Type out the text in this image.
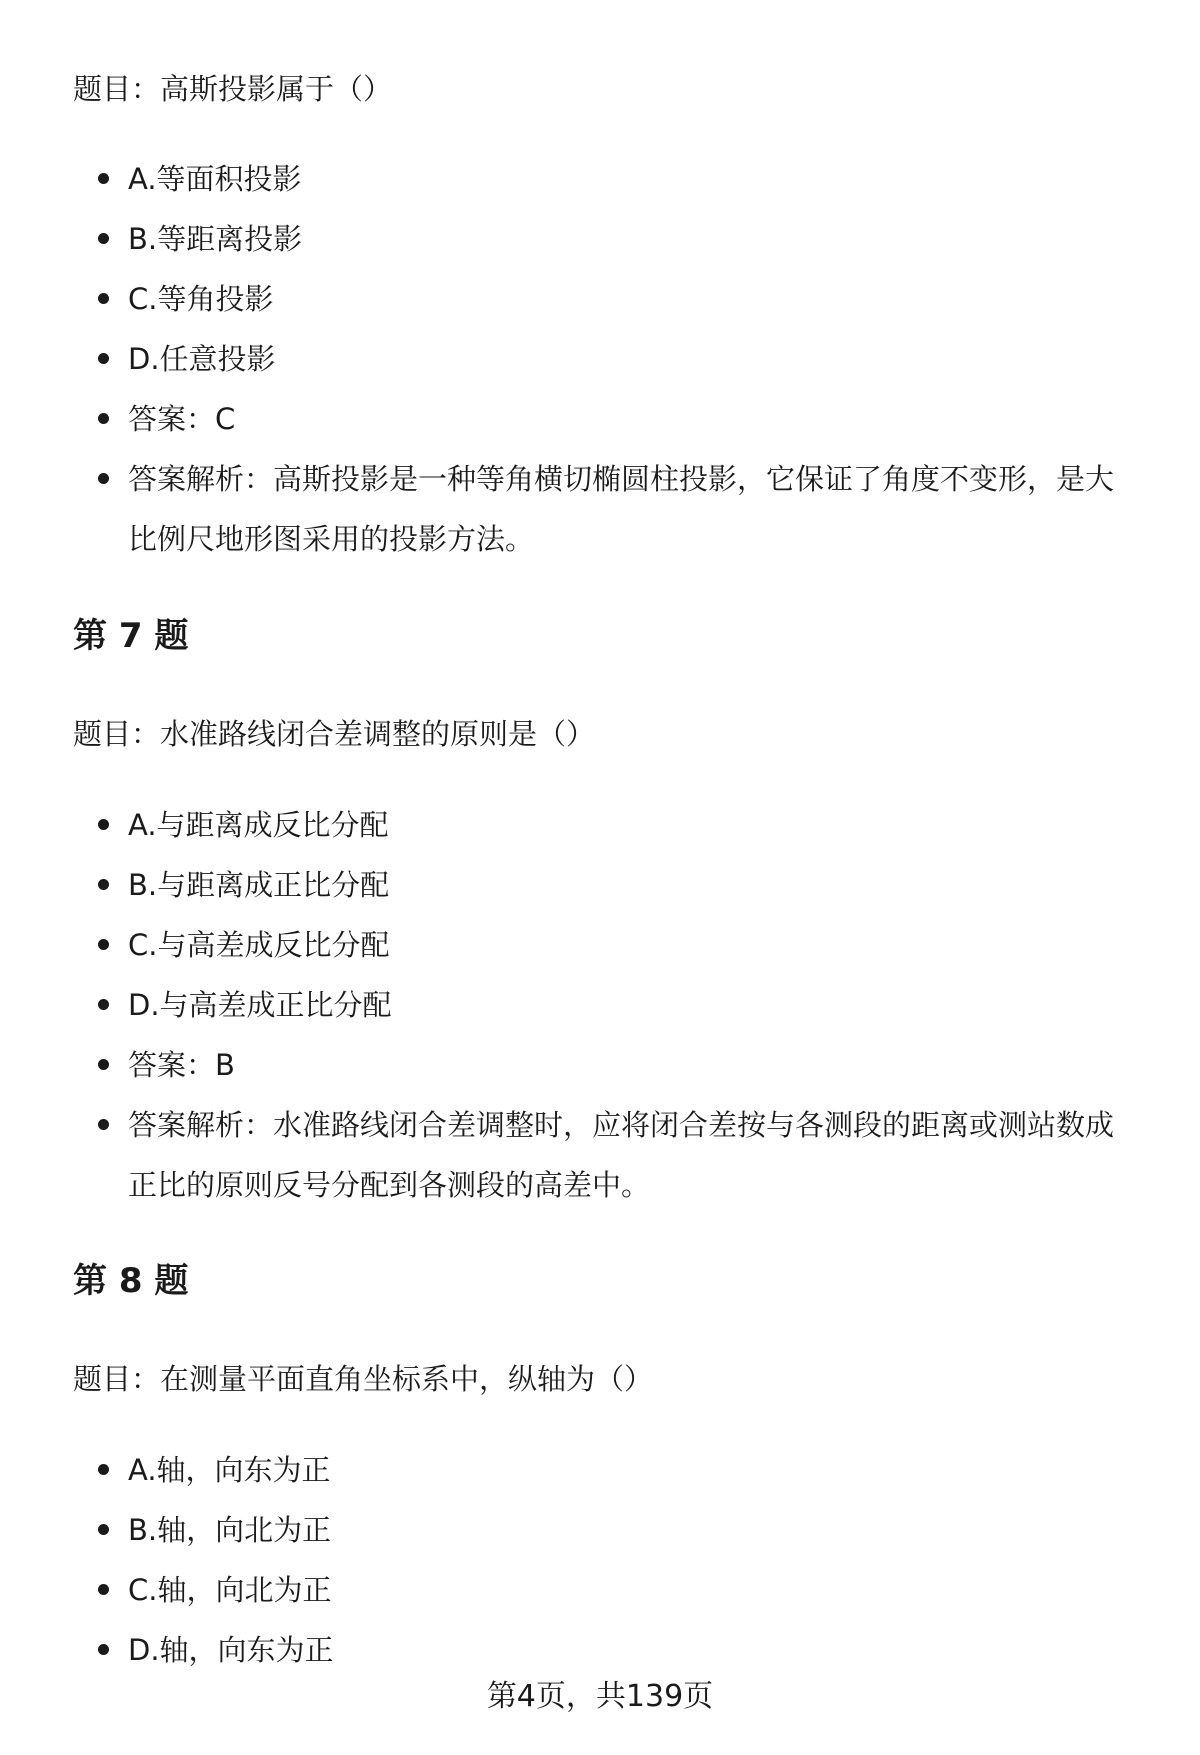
题目：高斯投影属于（）

A.等面积投影
B.等距离投影
C.等角投影
D.任意投影
答案：C
答案解析：高斯投影是一种等角横切椭圆柱投影，它保证了角度不变形，是大比例尺地形图采用的投影方法。
第 7 题

题目：水准路线闭合差调整的原则是（）

A.与距离成反比分配
B.与距离成正比分配
C.与高差成反比分配
D.与高差成正比分配
答案：B
答案解析：水准路线闭合差调整时，应将闭合差按与各测段的距离或测站数成正比的原则反号分配到各测段的高差中。
第 8 题

题目：在测量平面直角坐标系中，纵轴为（）

A.轴，向东为正
B.轴，向北为正
C.轴，向北为正
D.轴，向东为正

第4页，共139页
